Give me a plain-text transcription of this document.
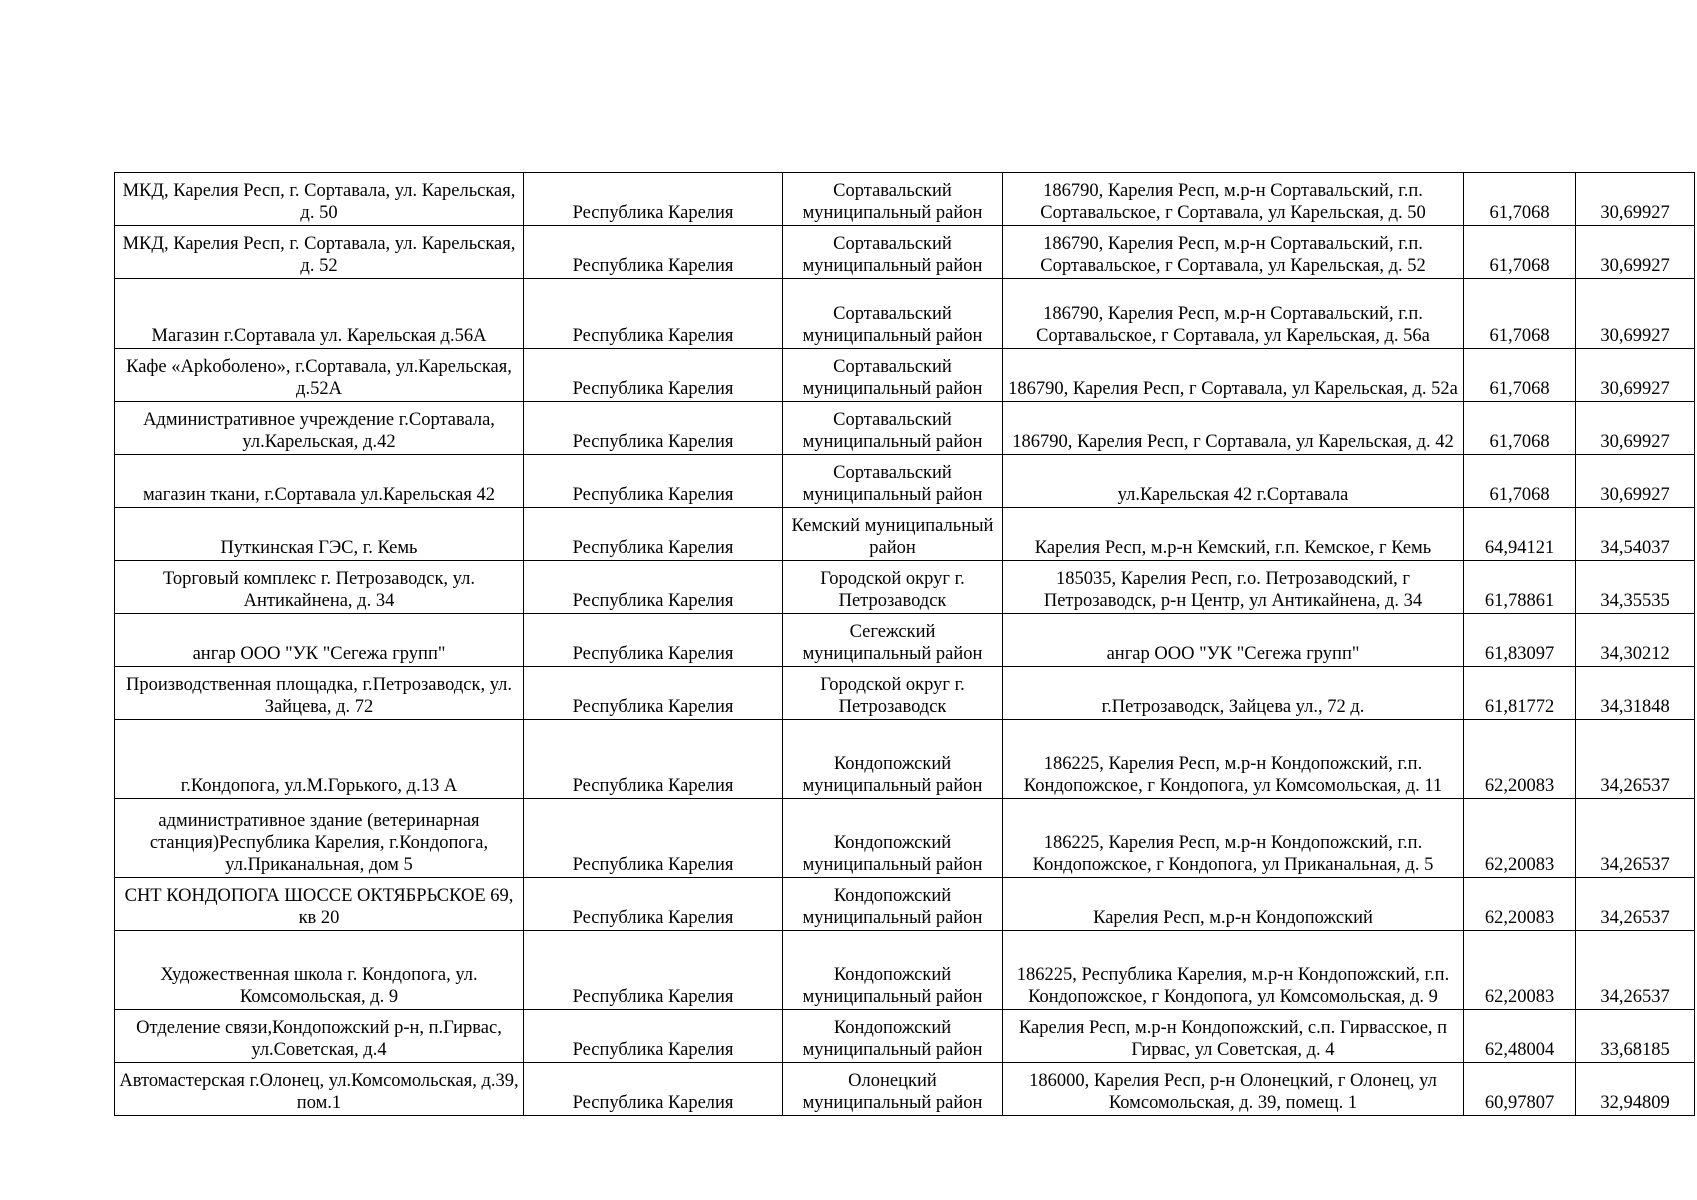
МКД, Карелия Респ, г. Сортавала, ул. Карельская, д. 50	Республика Карелия	Сортавальский муниципальный район	186790, Карелия Респ, м.р-н Сортавальский, г.п. Сортавальское, г Сортавала, ул Карельская, д. 50	61,7068	30,69927
МКД, Карелия Респ, г. Сортавала, ул. Карельская, д. 52	Республика Карелия	Сортавальский муниципальный район	186790, Карелия Респ, м.р-н Сортавальский, г.п. Сортавальское, г Сортавала, ул Карельская, д. 52	61,7068	30,69927
Магазин г.Сортавала ул. Карельская д.56А	Республика Карелия	Сортавальский муниципальный район	186790, Карелия Респ, м.р-н Сортавальский, г.п. Сортавальское, г Сортавала, ул Карельская, д. 56а	61,7068	30,69927
Кафе «Арkоболено», г.Сортавала, ул.Карельская, д.52А	Республика Карелия	Сортавальский муниципальный район	186790, Карелия Респ, г Сортавала, ул Карельская, д. 52а	61,7068	30,69927
Административное учреждение г.Сортавала, ул.Карельская, д.42	Республика Карелия	Сортавальский муниципальный район	186790, Карелия Респ, г Сортавала, ул Карельская, д. 42	61,7068	30,69927
магазин ткани, г.Сортавала ул.Карельская 42	Республика Карелия	Сортавальский муниципальный район	ул.Карельская 42 г.Сортавала	61,7068	30,69927
Путкинская ГЭС, г. Кемь	Республика Карелия	Кемский муниципальный район	Карелия Респ, м.р-н Кемский, г.п. Кемское, г Кемь	64,94121	34,54037
Торговый комплекс г. Петрозаводск, ул. Антикайнена, д. 34	Республика Карелия	Городской округ г. Петрозаводск	185035, Карелия Респ, г.о. Петрозаводский, г Петрозаводск, р-н Центр, ул Антикайнена, д. 34	61,78861	34,35535
ангар ООО "УК "Сегежа групп"	Республика Карелия	Сегежский муниципальный район	ангар ООО "УК "Сегежа групп"	61,83097	34,30212
Производственная площадка, г.Петрозаводск, ул. Зайцева, д. 72	Республика Карелия	Городской округ г. Петрозаводск	г.Петрозаводск, Зайцева ул., 72 д.	61,81772	34,31848
г.Кондопога, ул.М.Горького, д.13 А	Республика Карелия	Кондопожский муниципальный район	186225, Карелия Респ, м.р-н Кондопожский, г.п. Кондопожское, г Кондопога, ул Комсомольская, д. 11	62,20083	34,26537
административное здание (ветеринарная станция)Республика Карелия, г.Кондопога, ул.Приканальная, дом 5	Республика Карелия	Кондопожский муниципальный район	186225, Карелия Респ, м.р-н Кондопожский, г.п. Кондопожское, г Кондопога, ул Приканальная, д. 5	62,20083	34,26537
СНТ КОНДОПОГА ШОССЕ ОКТЯБРЬСКОЕ 69, кв 20	Республика Карелия	Кондопожский муниципальный район	Карелия Респ, м.р-н Кондопожский	62,20083	34,26537
Художественная школа г. Кондопога, ул. Комсомольская, д. 9	Республика Карелия	Кондопожский муниципальный район	186225, Республика Карелия, м.р-н Кондопожский, г.п. Кондопожское, г Кондопога, ул Комсомольская, д. 9	62,20083	34,26537
Отделение связи,Кондопожский р-н, п.Гирвас, ул.Советская, д.4	Республика Карелия	Кондопожский муниципальный район	Карелия Респ, м.р-н Кондопожский, с.п. Гирвасское, п Гирвас, ул Советская, д. 4	62,48004	33,68185
Автомастерская г.Олонец, ул.Комсомольская, д.39, пом.1	Республика Карелия	Олонецкий муниципальный район	186000, Карелия Респ, р-н Олонецкий, г Олонец, ул Комсомольская, д. 39, помещ. 1	60,97807	32,94809
